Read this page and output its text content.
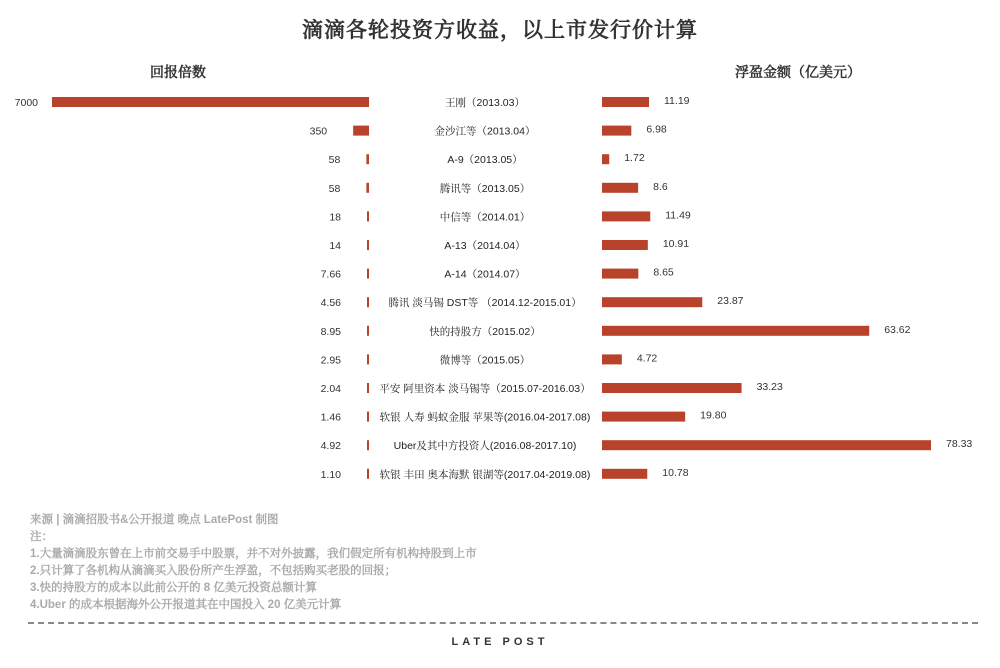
滴滴各轮投资方收益，以上市发行价计算
回报倍数	浮盈金额（亿美元）
7000	王刚（2013.03）	11.19
350	金沙江等（2013.04）	6.98
58	A-9（2013.05）	1.72
58	腾讯等（2013.05）	8.6
18	中信等（2014.01）	11.49
14	A-13（2014.04）	10.91
7.66	A-14（2014.07）	8.65
4.56	腾讯 淡马锡 DST等 （2014.12-2015.01）	23.87
8.95	快的持股方（2015.02）	63.62
2.95	微博等（2015.05）	4.72
2.04	平安 阿里资本 淡马锡等（2015.07-2016.03）	33.23
1.46	软银 人寿 蚂蚁金服 苹果等(2016.04-2017.08)	19.80
4.92	Uber及其中方投资人(2016.08-2017.10)	78.33
1.10	软银 丰田 奥本海默 银湖等(2017.04-2019.08)	10.78
来源 | 滴滴招股书&公开报道 晚点 LatePost 制图
注：
1.大量滴滴股东曾在上市前交易手中股票，并不对外披露，我们假定所有机构持股到上市
2.只计算了各机构从滴滴买入股份所产生浮盈，不包括购买老股的回报；
3.快的持股方的成本以此前公开的 8 亿美元投资总额计算
4.Uber 的成本根据海外公开报道其在中国投入 20 亿美元计算
LATE POST
